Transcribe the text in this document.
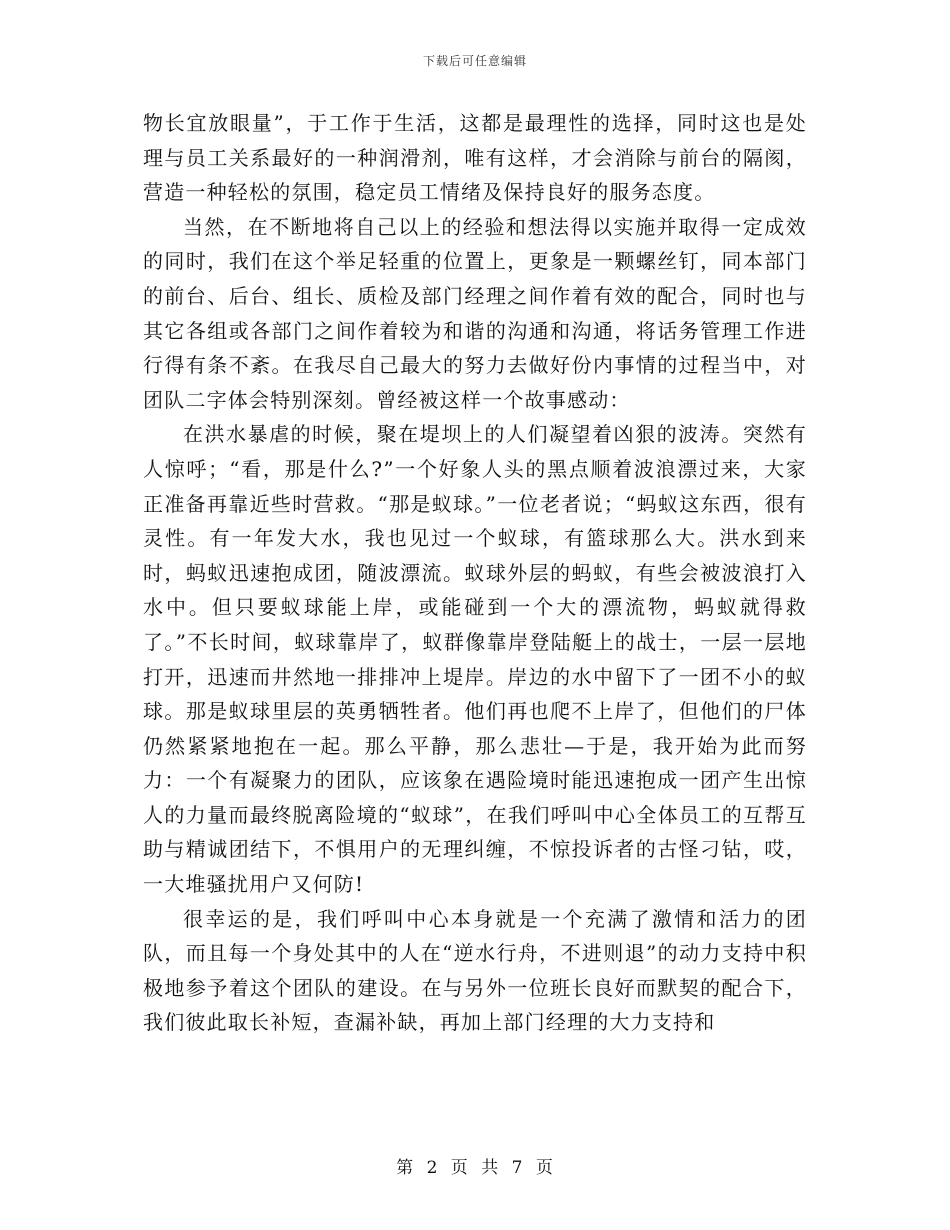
下载后可任意编辑

物长宜放眼量”，于工作于生活，这都是最理性的选择，同时这也是处理与员工关系最好的一种润滑剂，唯有这样，才会消除与前台的隔阂，营造一种轻松的氛围，稳定员工情绪及保持良好的服务态度。

当然，在不断地将自己以上的经验和想法得以实施并取得一定成效的同时，我们在这个举足轻重的位置上，更象是一颗螺丝钉，同本部门的前台、后台、组长、质检及部门经理之间作着有效的配合，同时也与其它各组或各部门之间作着较为和谐的沟通和沟通，将话务管理工作进行得有条不紊。在我尽自己最大的努力去做好份内事情的过程当中，对团队二字体会特别深刻。曾经被这样一个故事感动：

在洪水暴虐的时候，聚在堤坝上的人们凝望着凶狠的波涛。突然有人惊呼；“看，那是什么?”一个好象人头的黑点顺着波浪漂过来，大家正准备再靠近些时营救。“那是蚁球。”一位老者说；“蚂蚁这东西，很有灵性。有一年发大水，我也见过一个蚁球，有篮球那么大。洪水到来时，蚂蚁迅速抱成团，随波漂流。蚁球外层的蚂蚁，有些会被波浪打入水中。但只要蚁球能上岸，或能碰到一个大的漂流物，蚂蚁就得救了。”不长时间，蚁球靠岸了，蚁群像靠岸登陆艇上的战士，一层一层地打开，迅速而井然地一排排冲上堤岸。岸边的水中留下了一团不小的蚁球。那是蚁球里层的英勇牺牲者。他们再也爬不上岸了，但他们的尸体仍然紧紧地抱在一起。那么平静，那么悲壮—于是，我开始为此而努力：一个有凝聚力的团队，应该象在遇险境时能迅速抱成一团产生出惊人的力量而最终脱离险境的“蚁球”，在我们呼叫中心全体员工的互帮互助与精诚团结下，不惧用户的无理纠缠，不惊投诉者的古怪刁钻，哎，一大堆骚扰用户又何防!

很幸运的是，我们呼叫中心本身就是一个充满了激情和活力的团队，而且每一个身处其中的人在“逆水行舟，不进则退”的动力支持中积极地参予着这个团队的建设。在与另外一位班长良好而默契的配合下，我们彼此取长补短，查漏补缺，再加上部门经理的大力支持和

第 2 页 共 7 页
